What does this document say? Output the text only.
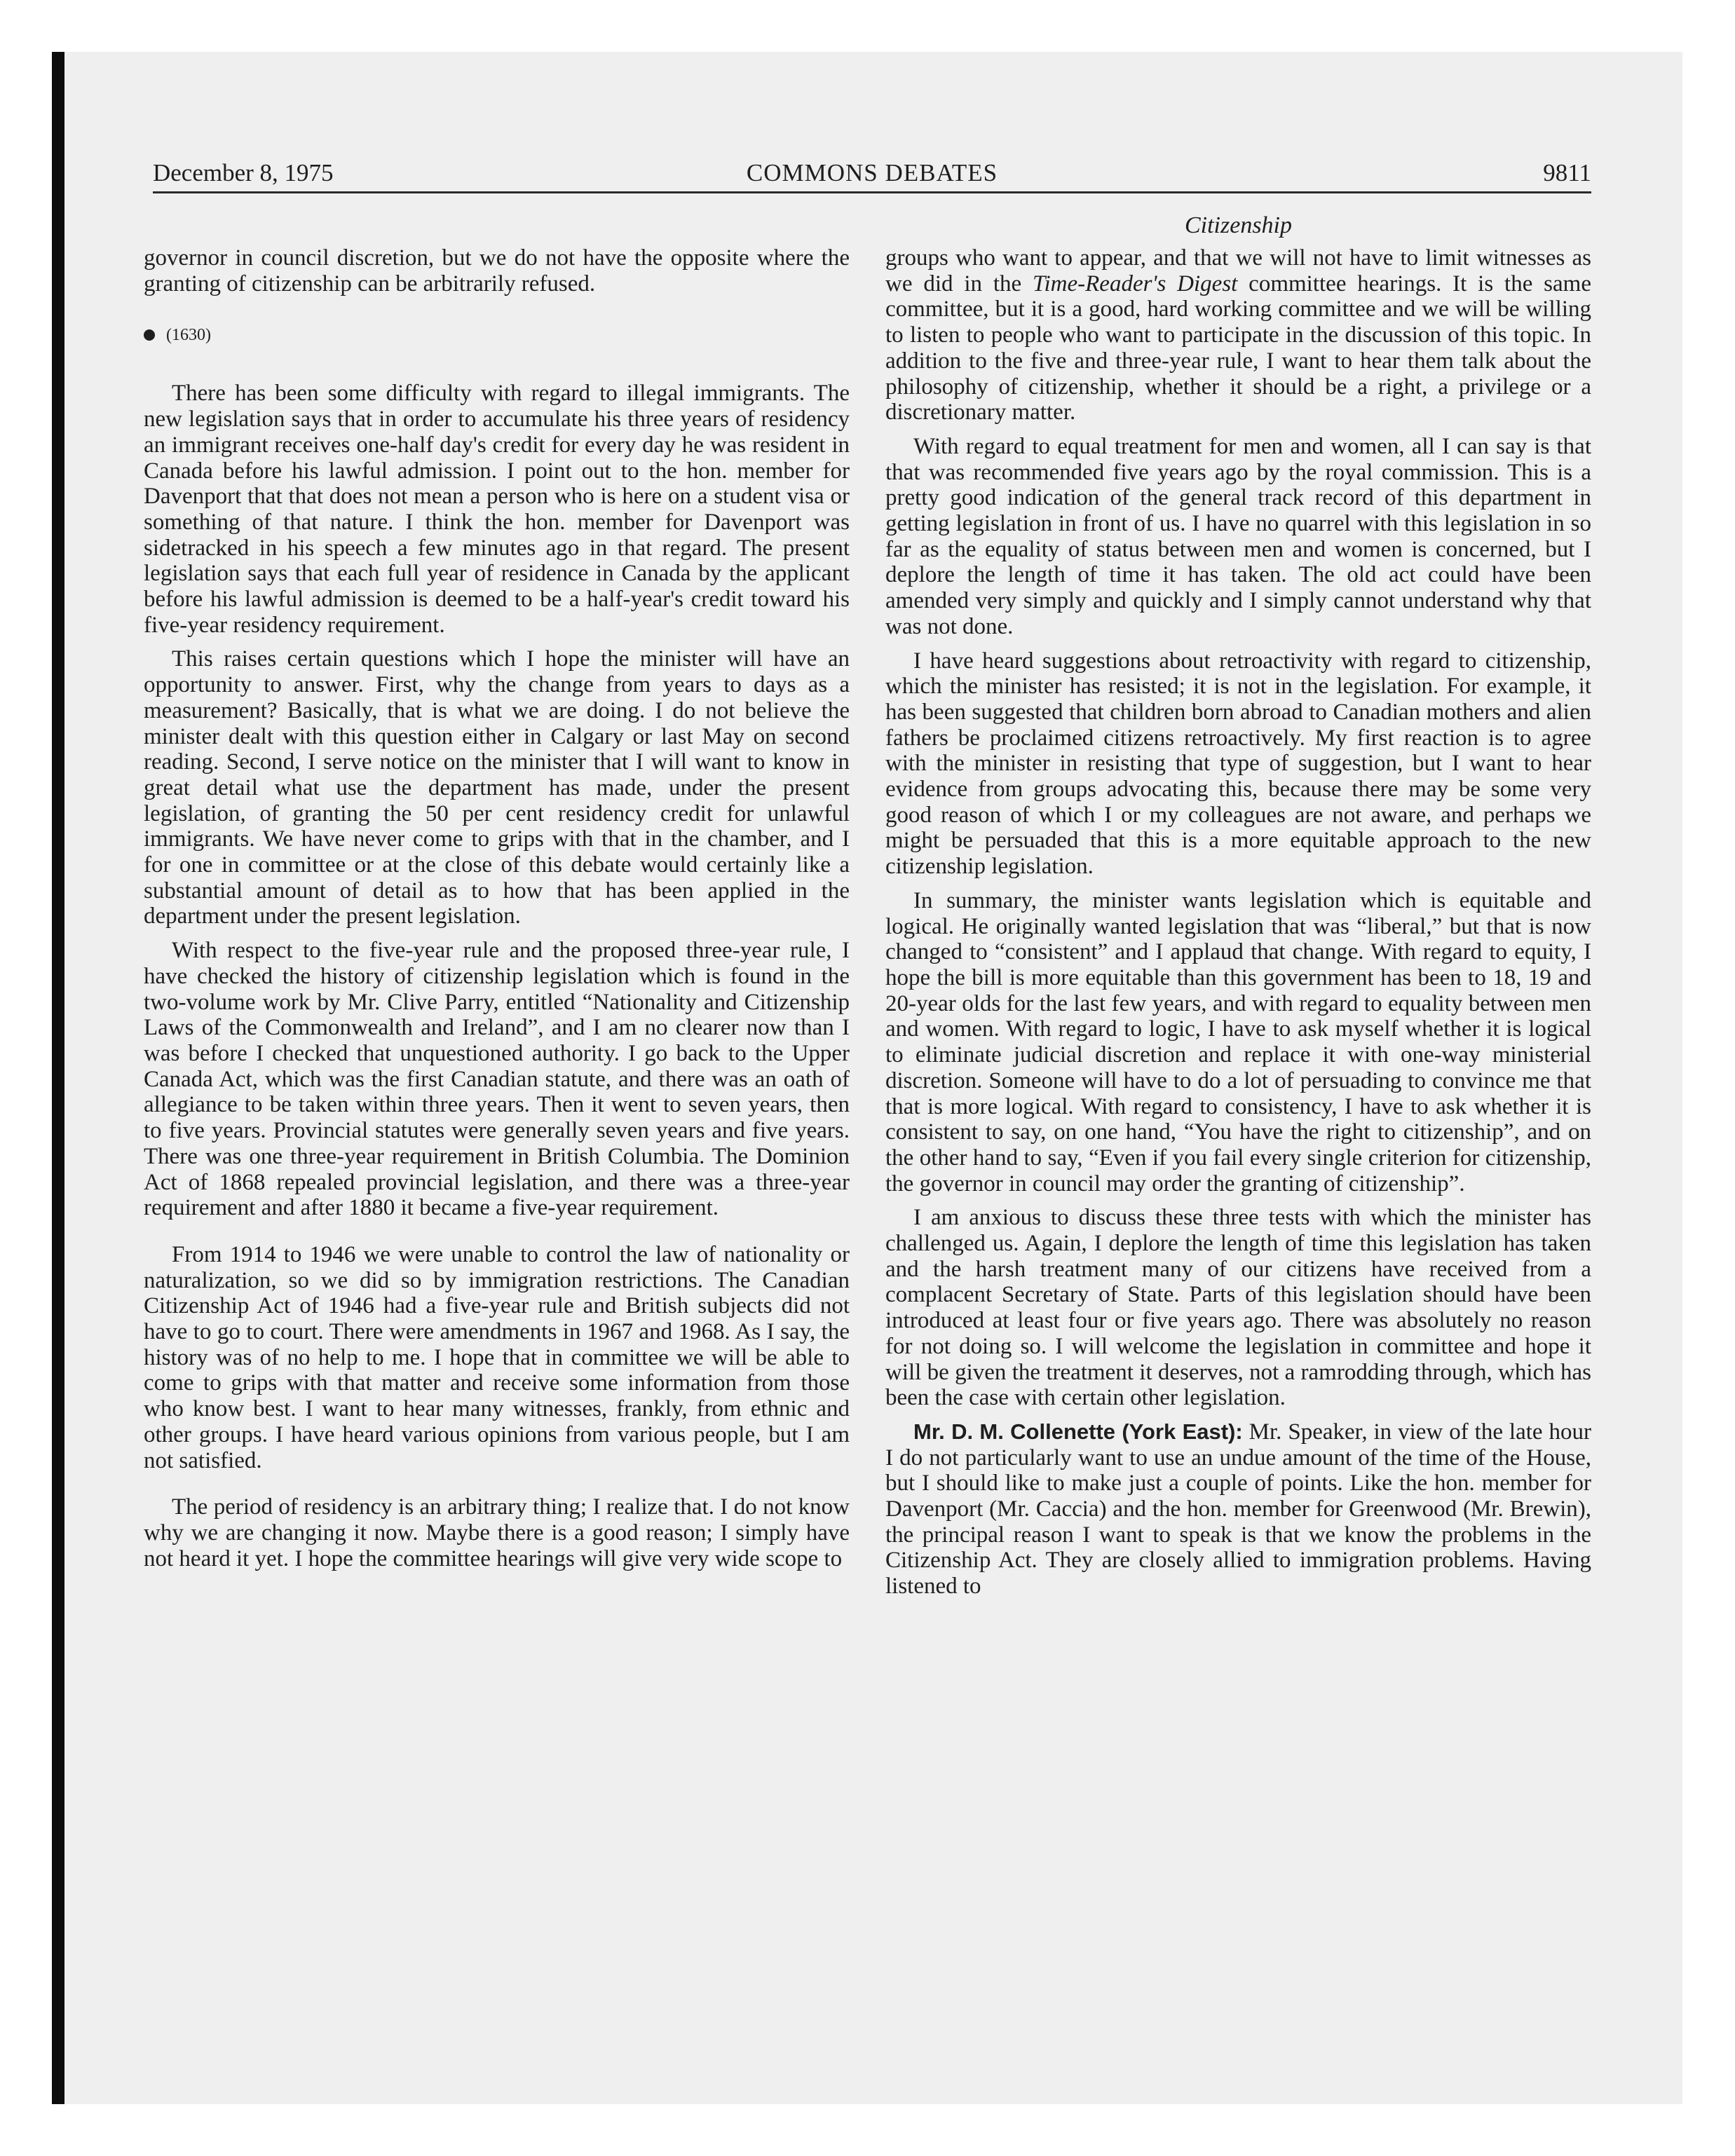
December 8, 1975	COMMONS DEBATES	9811
Citizenship

governor in council discretion, but we do not have the opposite where the granting of citizenship can be arbitrarily refused.

(1630)

There has been some difficulty with regard to illegal immigrants. The new legislation says that in order to accumulate his three years of residency an immigrant receives one-half day's credit for every day he was resident in Canada before his lawful admission. I point out to the hon. member for Davenport that that does not mean a person who is here on a student visa or something of that nature. I think the hon. member for Davenport was sidetracked in his speech a few minutes ago in that regard. The present legislation says that each full year of residence in Canada by the applicant before his lawful admission is deemed to be a half-year's credit toward his five-year residency requirement.

This raises certain questions which I hope the minister will have an opportunity to answer. First, why the change from years to days as a measurement? Basically, that is what we are doing. I do not believe the minister dealt with this question either in Calgary or last May on second reading. Second, I serve notice on the minister that I will want to know in great detail what use the department has made, under the present legislation, of granting the 50 per cent residency credit for unlawful immigrants. We have never come to grips with that in the chamber, and I for one in committee or at the close of this debate would certainly like a substantial amount of detail as to how that has been applied in the department under the present legislation.

With respect to the five-year rule and the proposed three-year rule, I have checked the history of citizenship legislation which is found in the two-volume work by Mr. Clive Parry, entitled “Nationality and Citizenship Laws of the Commonwealth and Ireland”, and I am no clearer now than I was before I checked that unquestioned authority. I go back to the Upper Canada Act, which was the first Canadian statute, and there was an oath of allegiance to be taken within three years. Then it went to seven years, then to five years. Provincial statutes were generally seven years and five years. There was one three-year requirement in British Columbia. The Dominion Act of 1868 repealed provincial legislation, and there was a three-year requirement and after 1880 it became a five-year requirement.

From 1914 to 1946 we were unable to control the law of nationality or naturalization, so we did so by immigration restrictions. The Canadian Citizenship Act of 1946 had a five-year rule and British subjects did not have to go to court. There were amendments in 1967 and 1968. As I say, the history was of no help to me. I hope that in committee we will be able to come to grips with that matter and receive some information from those who know best. I want to hear many witnesses, frankly, from ethnic and other groups. I have heard various opinions from various people, but I am not satisfied.

The period of residency is an arbitrary thing; I realize that. I do not know why we are changing it now. Maybe there is a good reason; I simply have not heard it yet. I hope the committee hearings will give very wide scope to

groups who want to appear, and that we will not have to limit witnesses as we did in the Time-Reader's Digest committee hearings. It is the same committee, but it is a good, hard working committee and we will be willing to listen to people who want to participate in the discussion of this topic. In addition to the five and three-year rule, I want to hear them talk about the philosophy of citizenship, whether it should be a right, a privilege or a discretionary matter.

With regard to equal treatment for men and women, all I can say is that that was recommended five years ago by the royal commission. This is a pretty good indication of the general track record of this department in getting legislation in front of us. I have no quarrel with this legislation in so far as the equality of status between men and women is concerned, but I deplore the length of time it has taken. The old act could have been amended very simply and quickly and I simply cannot understand why that was not done.

I have heard suggestions about retroactivity with regard to citizenship, which the minister has resisted; it is not in the legislation. For example, it has been suggested that children born abroad to Canadian mothers and alien fathers be proclaimed citizens retroactively. My first reaction is to agree with the minister in resisting that type of suggestion, but I want to hear evidence from groups advocating this, because there may be some very good reason of which I or my colleagues are not aware, and perhaps we might be persuaded that this is a more equitable approach to the new citizenship legislation.

In summary, the minister wants legislation which is equitable and logical. He originally wanted legislation that was “liberal,” but that is now changed to “consistent” and I applaud that change. With regard to equity, I hope the bill is more equitable than this government has been to 18, 19 and 20-year olds for the last few years, and with regard to equality between men and women. With regard to logic, I have to ask myself whether it is logical to eliminate judicial discretion and replace it with one-way ministerial discretion. Someone will have to do a lot of persuading to convince me that that is more logical. With regard to consistency, I have to ask whether it is consistent to say, on one hand, “You have the right to citizenship”, and on the other hand to say, “Even if you fail every single criterion for citizenship, the governor in council may order the granting of citizenship”.

I am anxious to discuss these three tests with which the minister has challenged us. Again, I deplore the length of time this legislation has taken and the harsh treatment many of our citizens have received from a complacent Secretary of State. Parts of this legislation should have been introduced at least four or five years ago. There was absolutely no reason for not doing so. I will welcome the legislation in committee and hope it will be given the treatment it deserves, not a ramrodding through, which has been the case with certain other legislation.

Mr. D. M. Collenette (York East): Mr. Speaker, in view of the late hour I do not particularly want to use an undue amount of the time of the House, but I should like to make just a couple of points. Like the hon. member for Davenport (Mr. Caccia) and the hon. member for Greenwood (Mr. Brewin), the principal reason I want to speak is that we know the problems in the Citizenship Act. They are closely allied to immigration problems. Having listened to
